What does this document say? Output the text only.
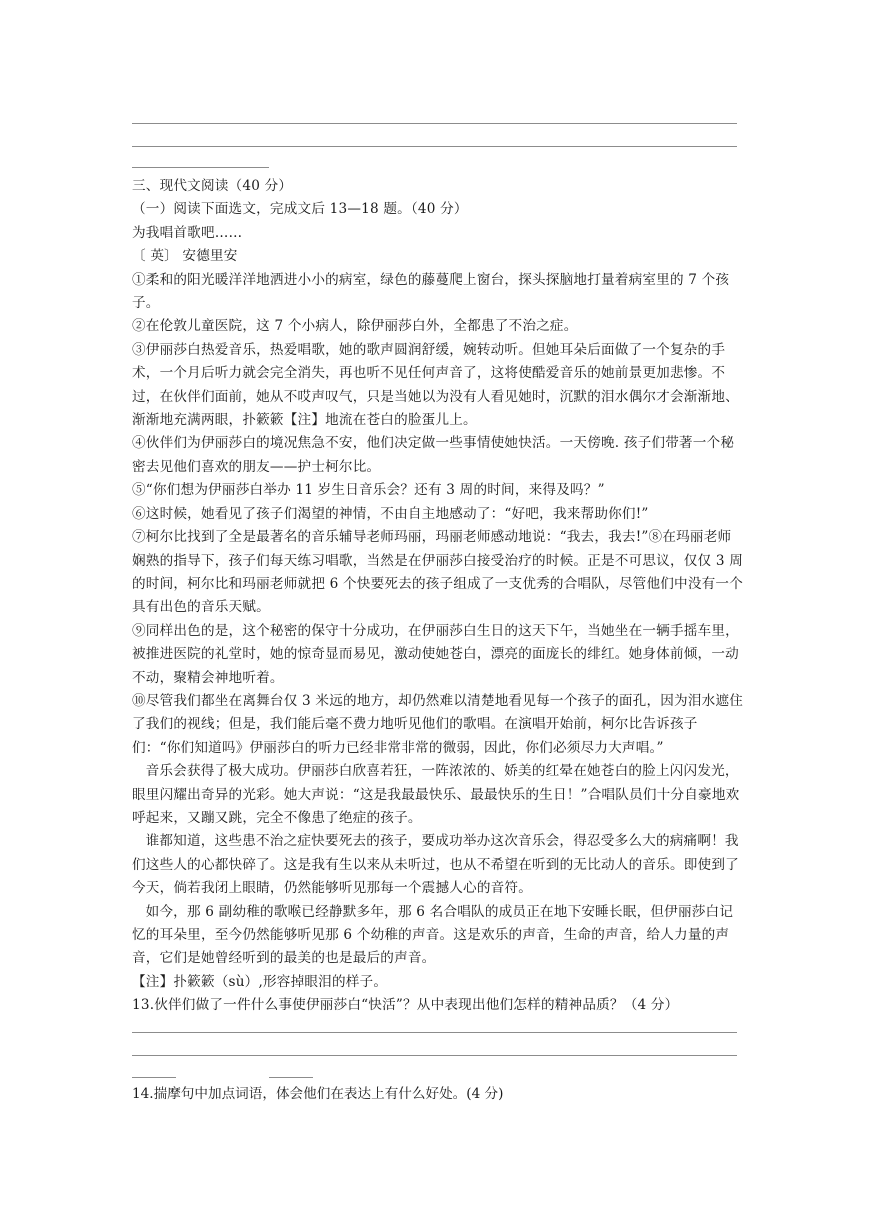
三、现代文阅读（40 分）

（一）阅读下面选文，完成文后 13—18 题。（40 分）

为我唱首歌吧……

〔 英〕 安德里安

①柔和的阳光暖洋洋地洒进小小的病室，绿色的藤蔓爬上窗台，探头探脑地打量着病室里的 7 个孩子。

②在伦敦儿童医院，这 7 个小病人，除伊丽莎白外，全都患了不治之症。

③伊丽莎白热爱音乐，热爱唱歌，她的歌声圆润舒缓，婉转动听。但她耳朵后面做了一个复杂的手术，一个月后听力就会完全消失，再也听不见任何声音了，这将使酷爱音乐的她前景更加悲惨。不过，在伙伴们面前，她从不哎声叹气，只是当她以为没有人看见她时，沉默的泪水偶尔才会渐渐地、渐渐地充满两眼，扑簌簌【注】地流在苍白的脸蛋儿上。

④伙伴们为伊丽莎白的境况焦急不安，他们决定做一些事情使她快活。一天傍晚. 孩子们带著一个秘密去见他们喜欢的朋友——护士柯尔比。

⑤“你们想为伊丽莎白举办 11 岁生日音乐会？还有 3 周的时间，来得及吗？”

⑥这时候，她看见了孩子们渴望的神情，不由自主地感动了：“好吧，我来帮助你们!”

⑦柯尔比找到了全是最著名的音乐辅导老师玛丽，玛丽老师感动地说：“我去，我去!”⑧在玛丽老师娴熟的指导下，孩子们每天练习唱歌，当然是在伊丽莎白接受治疗的时候。正是不可思议，仅仅 3 周的时间，柯尔比和玛丽老师就把 6 个快要死去的孩子组成了一支优秀的合唱队，尽管他们中没有一个具有出色的音乐天赋。

⑨同样出色的是，这个秘密的保守十分成功，在伊丽莎白生日的这天下午，当她坐在一辆手摇车里，被推进医院的礼堂时，她的惊奇显而易见，激动使她苍白，漂亮的面庞长的绯红。她身体前倾，一动不动，聚精会神地听着。

⑩尽管我们都坐在离舞台仅 3 米远的地方，却仍然难以清楚地看见每一个孩子的面孔，因为泪水遮住了我们的视线；但是，我们能后毫不费力地听见他们的歌唱。在演唱开始前，柯尔比告诉孩子们：“你们知道吗》伊丽莎白的听力已经非常非常的微弱，因此，你们必须尽力大声唱。”

音乐会获得了极大成功。伊丽莎白欣喜若狂，一阵浓浓的、娇美的红晕在她苍白的脸上闪闪发光，眼里闪耀出奇异的光彩。她大声说：“这是我最最快乐、最最快乐的生日！”合唱队员们十分自豪地欢呼起来，又蹦又跳，完全不像患了绝症的孩子。

谁都知道，这些患不治之症快要死去的孩子，要成功举办这次音乐会，得忍受多么大的病痛啊！我们这些人的心都快碎了。这是我有生以来从未听过，也从不希望在听到的无比动人的音乐。即使到了今天，倘若我闭上眼睛，仍然能够听见那每一个震撼人心的音符。

如今，那 6 副幼稚的歌喉已经静默多年，那 6 名合唱队的成员正在地下安睡长眠，但伊丽莎白记忆的耳朵里，至今仍然能够听见那 6 个幼稚的声音。这是欢乐的声音，生命的声音，给人力量的声音，它们是她曾经听到的最美的也是最后的声音。

【注】扑簌簌（sù）,形容掉眼泪的样子。

13.伙伴们做了一件什么事使伊丽莎白“快活”？从中表现出他们怎样的精神品质？（4 分）

14.揣摩句中加点词语，体会他们在表达上有什么好处。(4 分)
